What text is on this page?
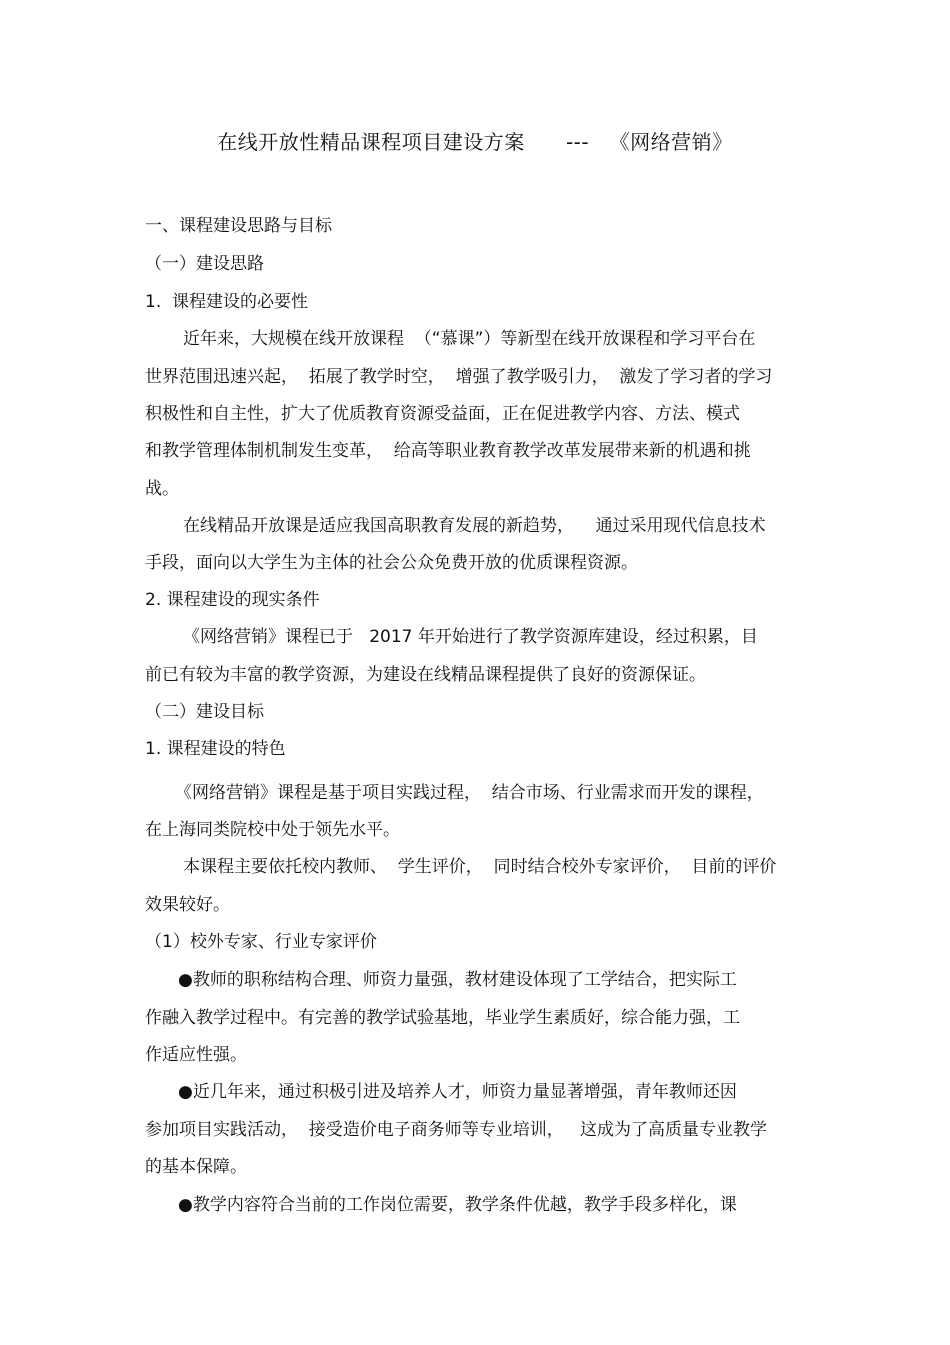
在线开放性精品课程项目建设方案      ---   《网络营销》
一、课程建设思路与目标
（一）建设思路
1.  课程建设的必要性
近年来，大规模在线开放课程  （“慕课”）等新型在线开放课程和学习平台在
世界范围迅速兴起，  拓展了教学时空，  增强了教学吸引力，  激发了学习者的学习
积极性和自主性，扩大了优质教育资源受益面，正在促进教学内容、方法、模式
和教学管理体制机制发生变革，  给高等职业教育教学改革发展带来新的机遇和挑
战。
在线精品开放课是适应我国高职教育发展的新趋势，    通过采用现代信息技术
手段，面向以大学生为主体的社会公众免费开放的优质课程资源。
2. 课程建设的现实条件
《网络营销》课程已于   2017 年开始进行了教学资源库建设，经过积累，目
前已有较为丰富的教学资源，为建设在线精品课程提供了良好的资源保证。
（二）建设目标
1. 课程建设的特色
《网络营销》课程是基于项目实践过程，  结合市场、行业需求而开发的课程，
在上海同类院校中处于领先水平。
本课程主要依托校内教师、  学生评价，  同时结合校外专家评价，  目前的评价
效果较好。
（1）校外专家、行业专家评价
●教师的职称结构合理、师资力量强，教材建设体现了工学结合，把实际工
作融入教学过程中。有完善的教学试验基地，毕业学生素质好，综合能力强，工
作适应性强。
●近几年来，通过积极引进及培养人才，师资力量显著增强，青年教师还因
参加项目实践活动，  接受造价电子商务师等专业培训，   这成为了高质量专业教学
的基本保障。
●教学内容符合当前的工作岗位需要，教学条件优越，教学手段多样化，课
